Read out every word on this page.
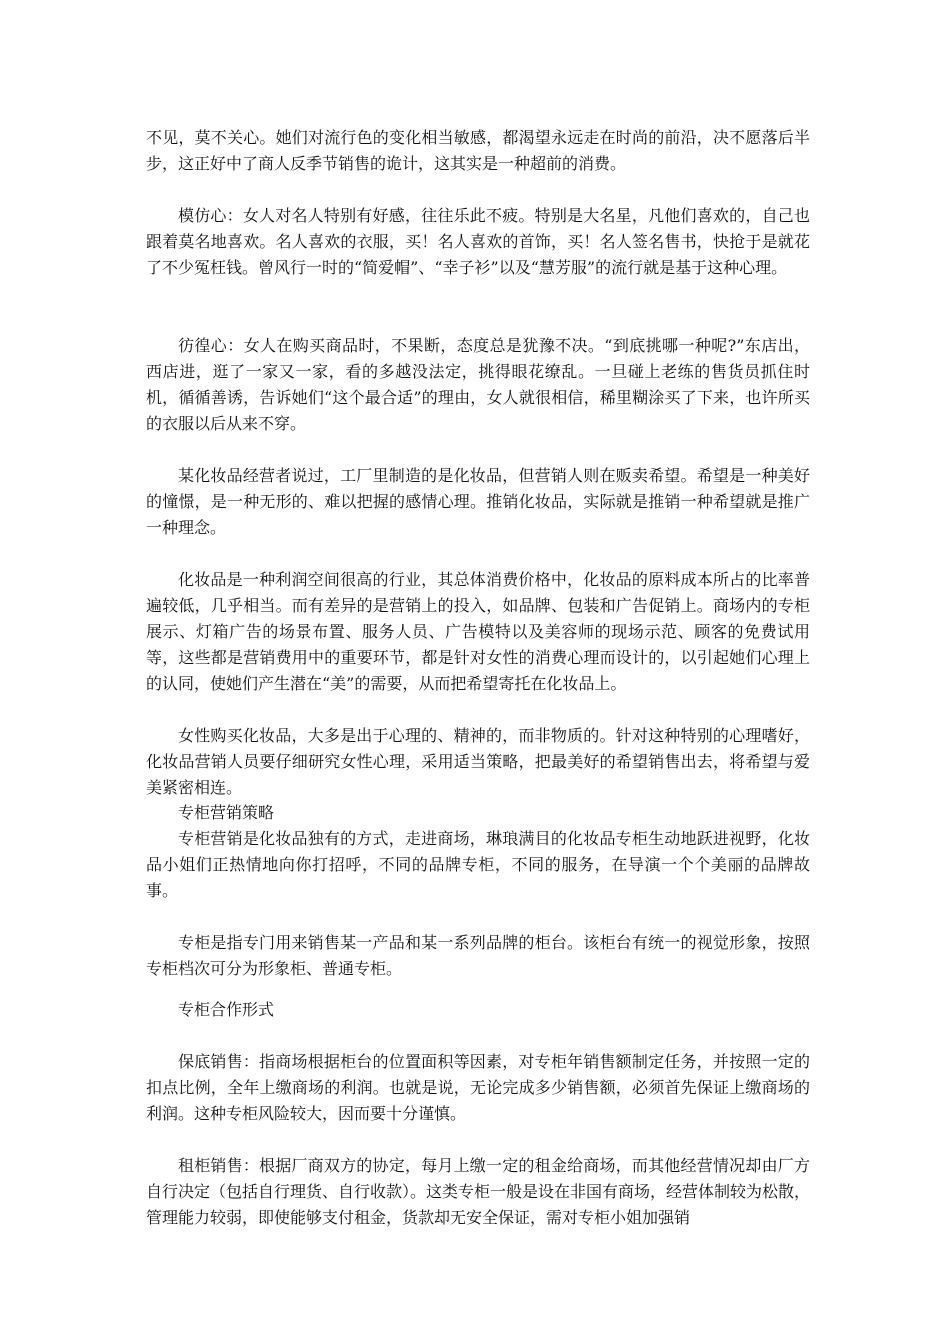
不见，莫不关心。她们对流行色的变化相当敏感，都渴望永远走在时尚的前沿，决不愿落后半步，这正好中了商人反季节销售的诡计，这其实是一种超前的消费。

模仿心：女人对名人特别有好感，往往乐此不疲。特别是大名星，凡他们喜欢的，自己也跟着莫名地喜欢。名人喜欢的衣服，买！名人喜欢的首饰，买！名人签名售书，快抢于是就花了不少冤枉钱。曾风行一时的“简爱帽”、“幸子衫”以及“慧芳服”的流行就是基于这种心理。

彷徨心：女人在购买商品时，不果断，态度总是犹豫不决。“到底挑哪一种呢?”东店出，西店进，逛了一家又一家，看的多越没法定，挑得眼花缭乱。一旦碰上老练的售货员抓住时机，循循善诱，告诉她们“这个最合适”的理由，女人就很相信，稀里糊涂买了下来，也许所买的衣服以后从来不穿。

某化妆品经营者说过，工厂里制造的是化妆品，但营销人则在贩卖希望。希望是一种美好的憧憬，是一种无形的、难以把握的感情心理。推销化妆品，实际就是推销一种希望就是推广一种理念。

化妆品是一种利润空间很高的行业，其总体消费价格中，化妆品的原料成本所占的比率普遍较低，几乎相当。而有差异的是营销上的投入，如品牌、包装和广告促销上。商场内的专柜展示、灯箱广告的场景布置、服务人员、广告模特以及美容师的现场示范、顾客的免费试用等，这些都是营销费用中的重要环节，都是针对女性的消费心理而设计的，以引起她们心理上的认同，使她们产生潜在“美”的需要，从而把希望寄托在化妆品上。

女性购买化妆品，大多是出于心理的、精神的，而非物质的。针对这种特别的心理嗜好，化妆品营销人员要仔细研究女性心理，采用适当策略，把最美好的希望销售出去，将希望与爱美紧密相连。

专柜营销策略

专柜营销是化妆品独有的方式，走进商场，琳琅满目的化妆品专柜生动地跃进视野，化妆品小姐们正热情地向你打招呼，不同的品牌专柜，不同的服务，在导演一个个美丽的品牌故事。

专柜是指专门用来销售某一产品和某一系列品牌的柜台。该柜台有统一的视觉形象，按照专柜档次可分为形象柜、普通专柜。

专柜合作形式

保底销售：指商场根据柜台的位置面积等因素，对专柜年销售额制定任务，并按照一定的扣点比例，全年上缴商场的利润。也就是说，无论完成多少销售额，必须首先保证上缴商场的利润。这种专柜风险较大，因而要十分谨慎。

租柜销售：根据厂商双方的协定，每月上缴一定的租金给商场，而其他经营情况却由厂方自行决定（包括自行理货、自行收款）。这类专柜一般是设在非国有商场，经营体制较为松散，管理能力较弱，即使能够支付租金，货款却无安全保证，需对专柜小姐加强销
